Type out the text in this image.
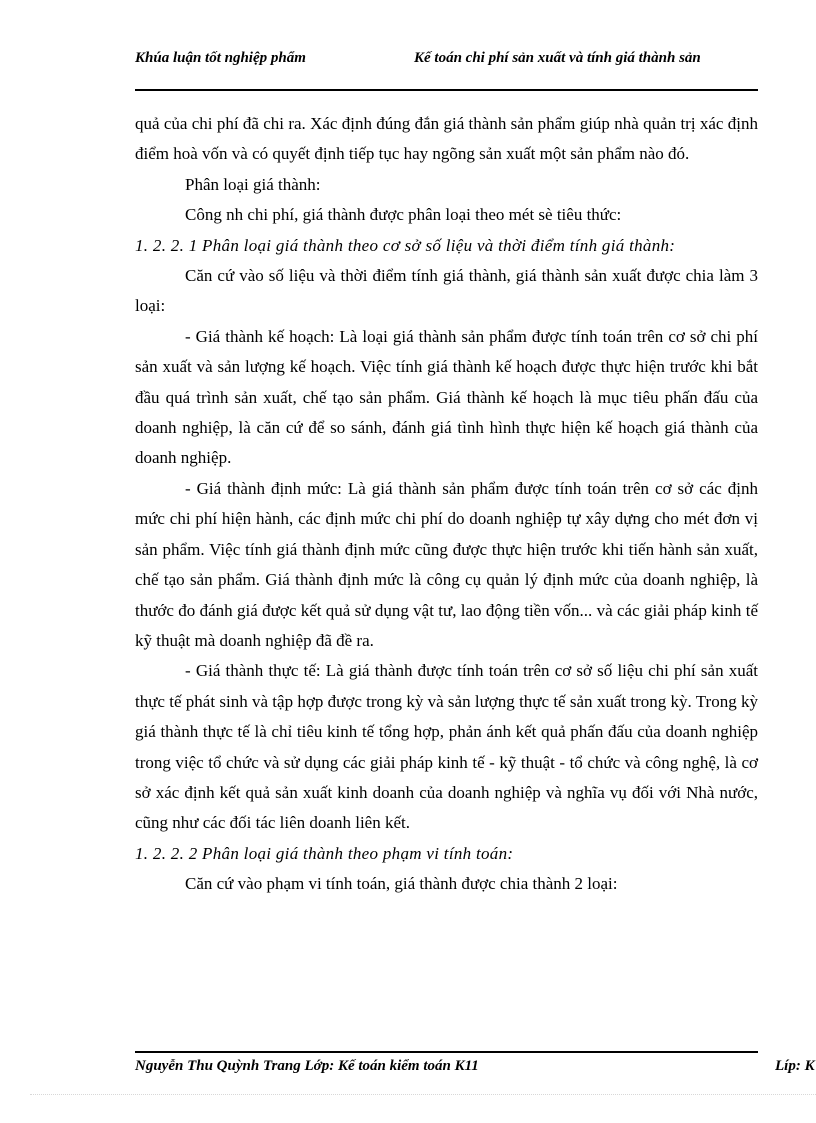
Khúa luận tốt nghiệp phẩm	Kế toán chi phí sản xuất và tính giá thành sản

quả của chi phí đã chi ra. Xác định đúng đắn giá thành sản phẩm giúp nhà quản trị xác định điểm hoà vốn và có quyết định tiếp tục hay ngõng sản xuất một sản phẩm nào đó.

Phân loại giá thành:

Công nh chi phí, giá thành được phân loại theo mét sè tiêu thức:

1. 2. 2. 1 Phân loại giá thành theo cơ sở số liệu và thời điểm tính giá thành:

Căn cứ vào số liệu và thời điểm tính giá thành, giá thành sản xuất được chia làm 3 loại:

- Giá thành kế hoạch: Là loại giá thành sản phẩm được tính toán trên cơ sở chi phí sản xuất và sản lượng kế hoạch. Việc tính giá thành kế hoạch được thực hiện trước khi bắt đầu quá trình sản xuất, chế tạo sản phẩm. Giá thành kế hoạch là mục tiêu phấn đấu của doanh nghiệp, là căn cứ để so sánh, đánh giá tình hình thực hiện kế hoạch giá thành của doanh nghiệp.

- Giá thành định mức: Là giá thành sản phẩm được tính toán trên cơ sở các định mức chi phí hiện hành, các định mức chi phí do doanh nghiệp tự xây dựng cho mét đơn vị sản phẩm. Việc tính giá thành định mức cũng được thực hiện trước khi tiến hành sản xuất, chế tạo sản phẩm. Giá thành định mức là công cụ quản lý định mức của doanh nghiệp, là thước đo đánh giá được kết quả sử dụng vật tư, lao động tiền vốn... và các giải pháp kinh tế kỹ thuật mà doanh nghiệp đã đề ra.

- Giá thành thực tế: Là giá thành được tính toán trên cơ sở số liệu chi phí sản xuất thực tế phát sinh và tập hợp được trong kỳ và sản lượng thực tế sản xuất trong kỳ. Trong kỳ giá thành thực tế là chỉ tiêu kinh tế tổng hợp, phản ánh kết quả phấn đấu của doanh nghiệp trong việc tổ chức và sử dụng các giải pháp kinh tế - kỹ thuật - tổ chức và công nghệ, là cơ sở xác định kết quả sản xuất kinh doanh của doanh nghiệp và nghĩa vụ đối với Nhà nước, cũng như các đối tác liên doanh liên kết.

1. 2. 2. 2 Phân loại giá thành theo phạm vi tính toán:

Căn cứ vào phạm vi tính toán, giá thành được chia thành 2 loại:

Nguyễn Thu Quỳnh Trang Lớp: Kế toán kiểm toán K11	Líp: K
